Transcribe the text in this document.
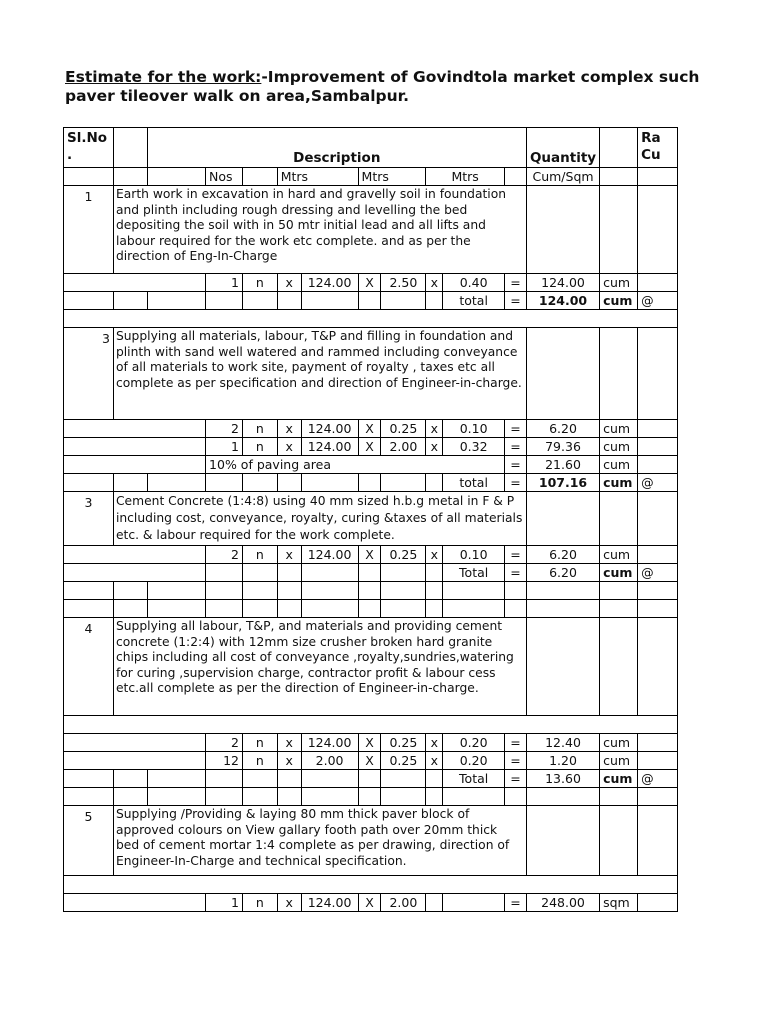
Estimate for the work:-Improvement of Govindtola market complex such
paver tileover walk on area,Sambalpur.
Sl.No
.		Description										Quantity		Ra
Cu
			Nos		Mtrs		Mtrs		Mtrs			Cum/Sqm		
1	Earth work in excavation in hard and gravelly soil in foundation and plinth including rough dressing and levelling the bed depositing the soil with in 50 mtr initial lead and all lifts and labour required for the work etc complete. and as per the direction of Eng-In-Charge													
			1	n	x	124.00	X	2.50	x	0.40	=	124.00	cum	
										total	=	124.00	cum	@

3	Supplying all materials, labour, T&P and filling in foundation and plinth with sand well watered and rammed including conveyance of all materials to work site, payment of royalty , taxes etc all complete as per specification and direction of Engineer-in-charge.													
			2	n	x	124.00	X	0.25	x	0.10	=	6.20	cum	
			1	n	x	124.00	X	2.00	x	0.32	=	79.36	cum	
			10% of paving area								=	21.60	cum	
										total	=	107.16	cum	@
3	Cement Concrete (1:4:8) using 40 mm sized h.b.g metal in F & P including cost, conveyance, royalty, curing &taxes of all materials etc. & labour required for the work complete.													
			2	n	x	124.00	X	0.25	x	0.10	=	6.20	cum	
										Total	=	6.20	cum	@

4	Supplying all labour, T&P, and materials and providing cement concrete (1:2:4) with 12mm size crusher broken hard granite chips including all cost of conveyance ,royalty,sundries,watering for curing ,supervision charge, contractor profit & labour cess etc.all complete as per the direction of Engineer-in-charge.													

			2	n	x	124.00	X	0.25	x	0.20	=	12.40	cum	
			12	n	x	2.00	X	0.25	x	0.20	=	1.20	cum	
										Total	=	13.60	cum	@

5	Supplying /Providing & laying 80 mm thick paver block of approved colours on View gallary footh path over 20mm thick bed of cement mortar 1:4 complete as per drawing, direction of Engineer-In-Charge and technical specification.													

			1	n	x	124.00	X	2.00			=	248.00	sqm	
